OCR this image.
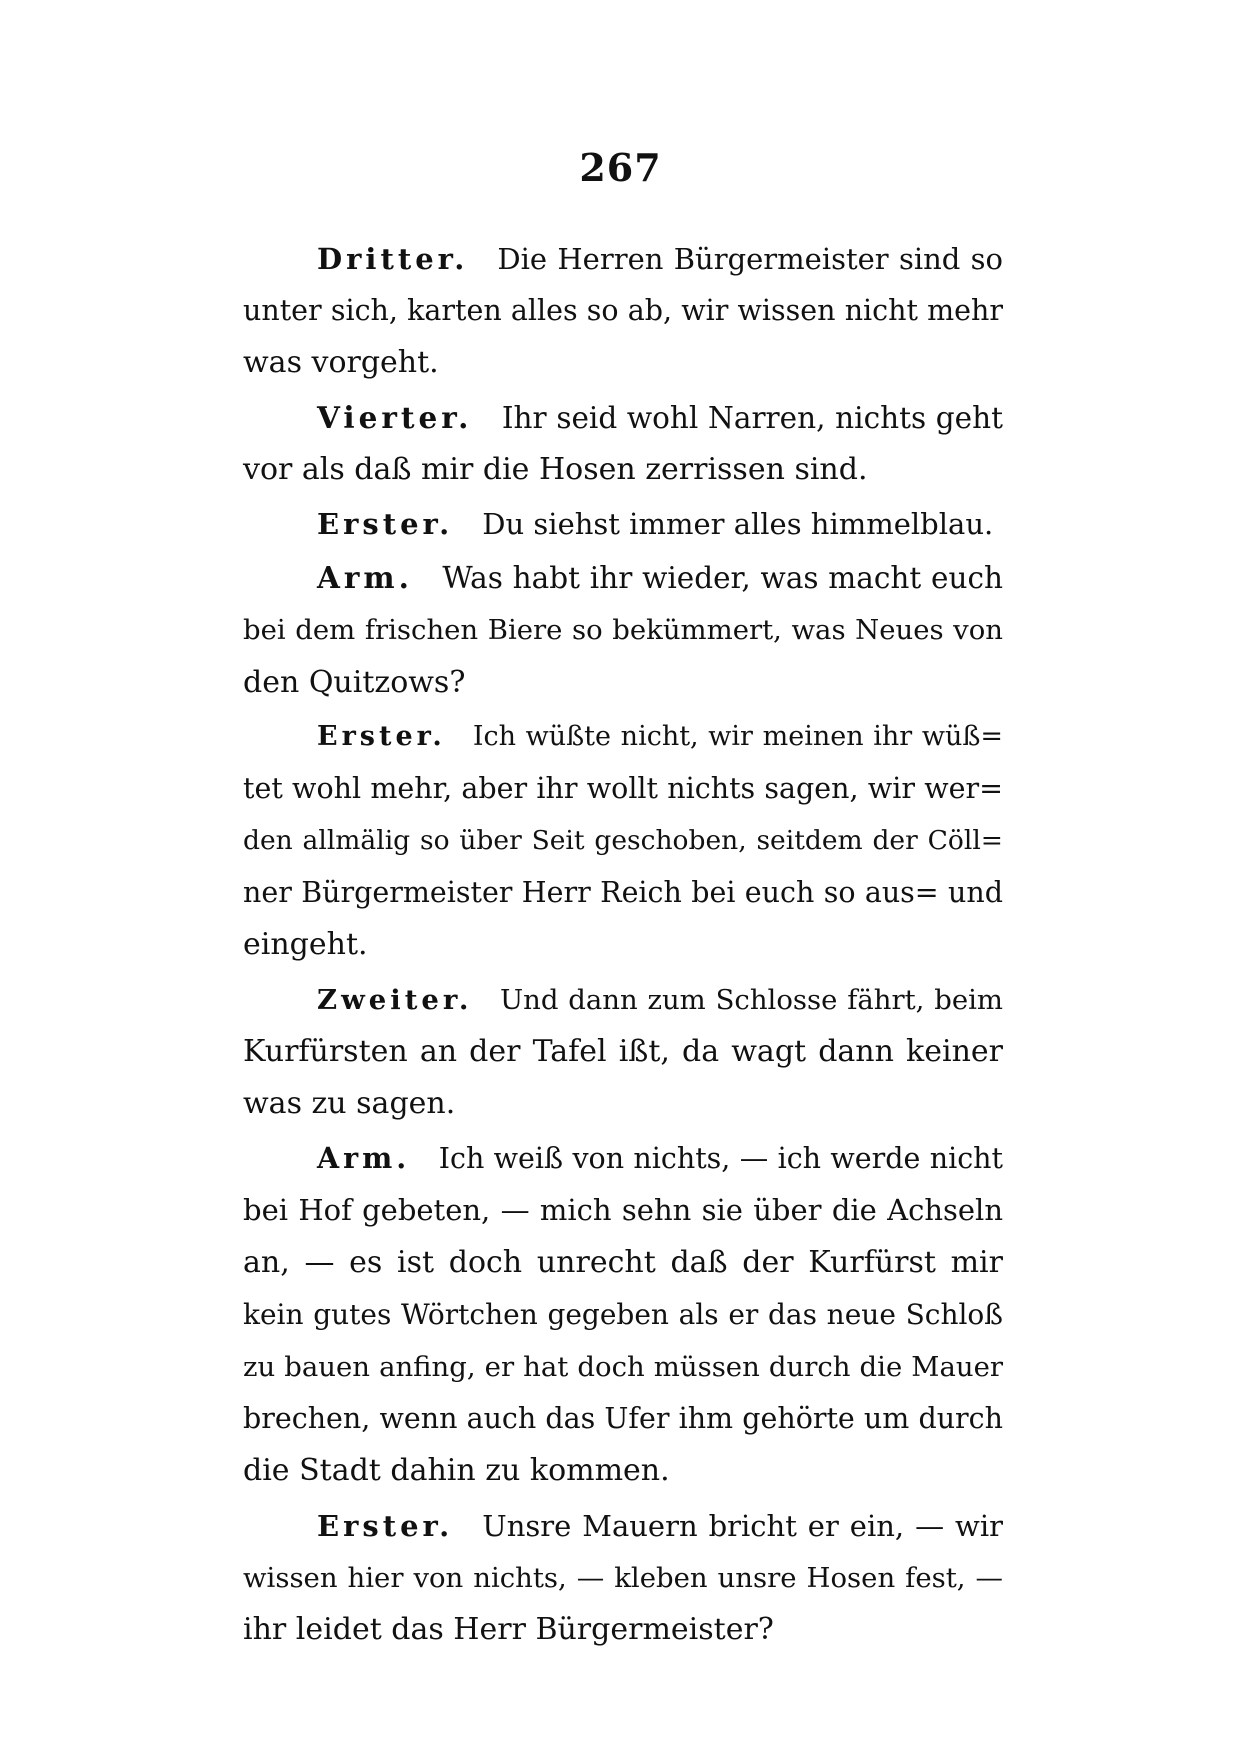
267
Dritter.  Die Herren Bürgermeister sind so
unter sich, karten alles so ab, wir wissen nicht mehr
was vorgeht.
Vierter.  Ihr seid wohl Narren, nichts geht
vor als daß mir die Hosen zerrissen sind.
Erster.  Du siehst immer alles himmelblau.
Arm.  Was habt ihr wieder, was macht euch
bei dem frischen Biere so bekümmert, was Neues von
den Quitzows?
Erster.  Ich wüßte nicht, wir meinen ihr wüß=
tet wohl mehr, aber ihr wollt nichts sagen, wir wer=
den allmälig so über Seit geschoben, seitdem der Cöll=
ner Bürgermeister Herr Reich bei euch so aus= und
eingeht.
Zweiter.  Und dann zum Schlosse fährt, beim
Kurfürsten an der Tafel ißt, da wagt dann keiner
was zu sagen.
Arm.  Ich weiß von nichts, — ich werde nicht
bei Hof gebeten, — mich sehn sie über die Achseln
an, — es ist doch unrecht daß der Kurfürst mir
kein gutes Wörtchen gegeben als er das neue Schloß
zu bauen anfing, er hat doch müssen durch die Mauer
brechen, wenn auch das Ufer ihm gehörte um durch
die Stadt dahin zu kommen.
Erster.  Unsre Mauern bricht er ein, — wir
wissen hier von nichts, — kleben unsre Hosen fest, —
ihr leidet das Herr Bürgermeister?
